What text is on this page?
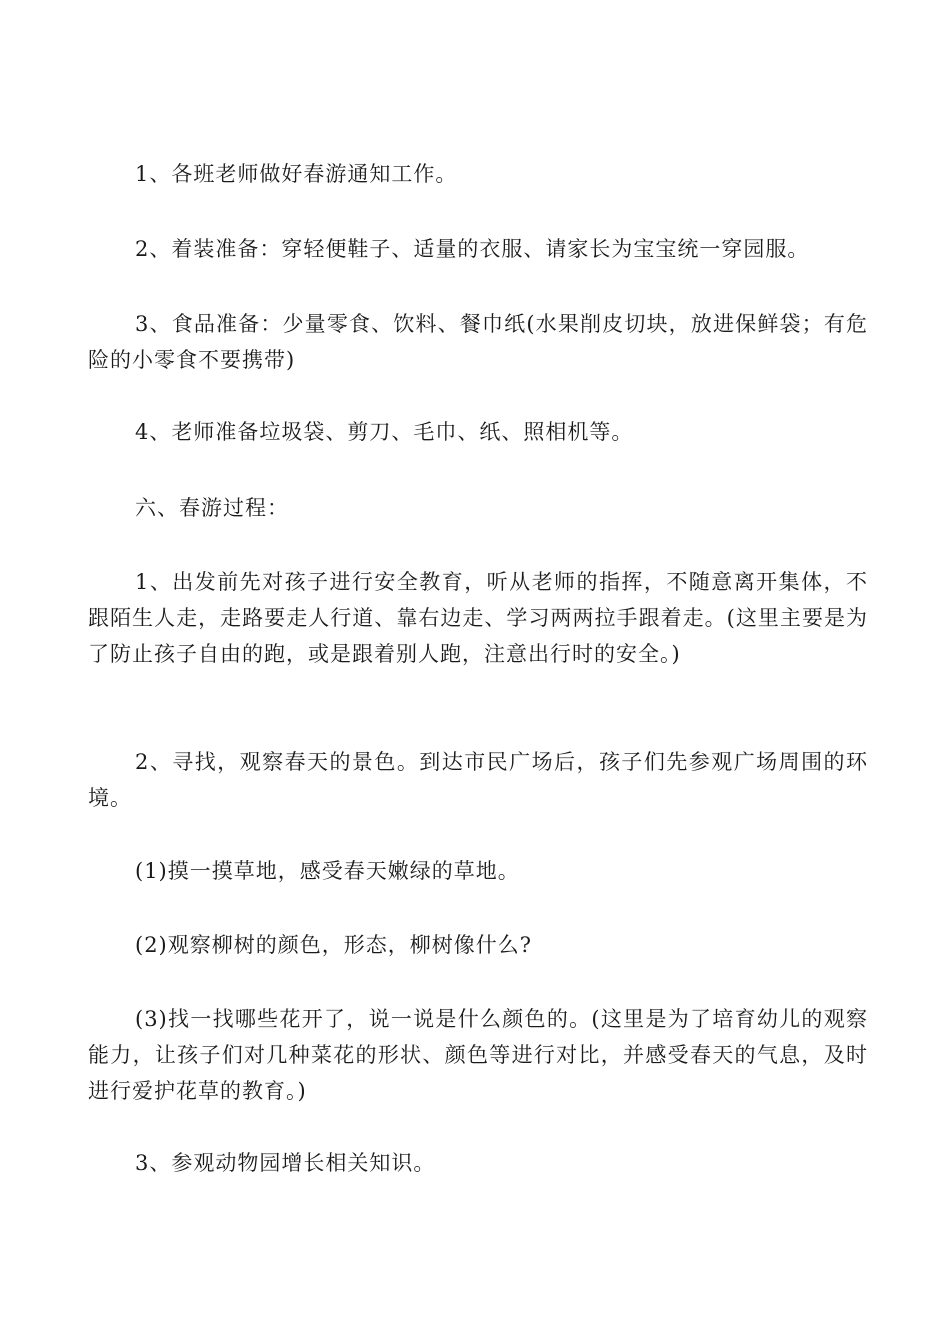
1、各班老师做好春游通知工作。

2、着装准备：穿轻便鞋子、适量的衣服、请家长为宝宝统一穿园服。

3、食品准备：少量零食、饮料、餐巾纸(水果削皮切块，放进保鲜袋；有危险的小零食不要携带)

4、老师准备垃圾袋、剪刀、毛巾、纸、照相机等。

六、春游过程：

1、出发前先对孩子进行安全教育，听从老师的指挥，不随意离开集体，不跟陌生人走，走路要走人行道、靠右边走、学习两两拉手跟着走。(这里主要是为了防止孩子自由的跑，或是跟着别人跑，注意出行时的安全。)

2、寻找，观察春天的景色。到达市民广场后，孩子们先参观广场周围的环境。

(1)摸一摸草地，感受春天嫩绿的草地。

(2)观察柳树的颜色，形态，柳树像什么?

(3)找一找哪些花开了，说一说是什么颜色的。(这里是为了培育幼儿的观察能力，让孩子们对几种菜花的形状、颜色等进行对比，并感受春天的气息，及时进行爱护花草的教育。)

3、参观动物园增长相关知识。
